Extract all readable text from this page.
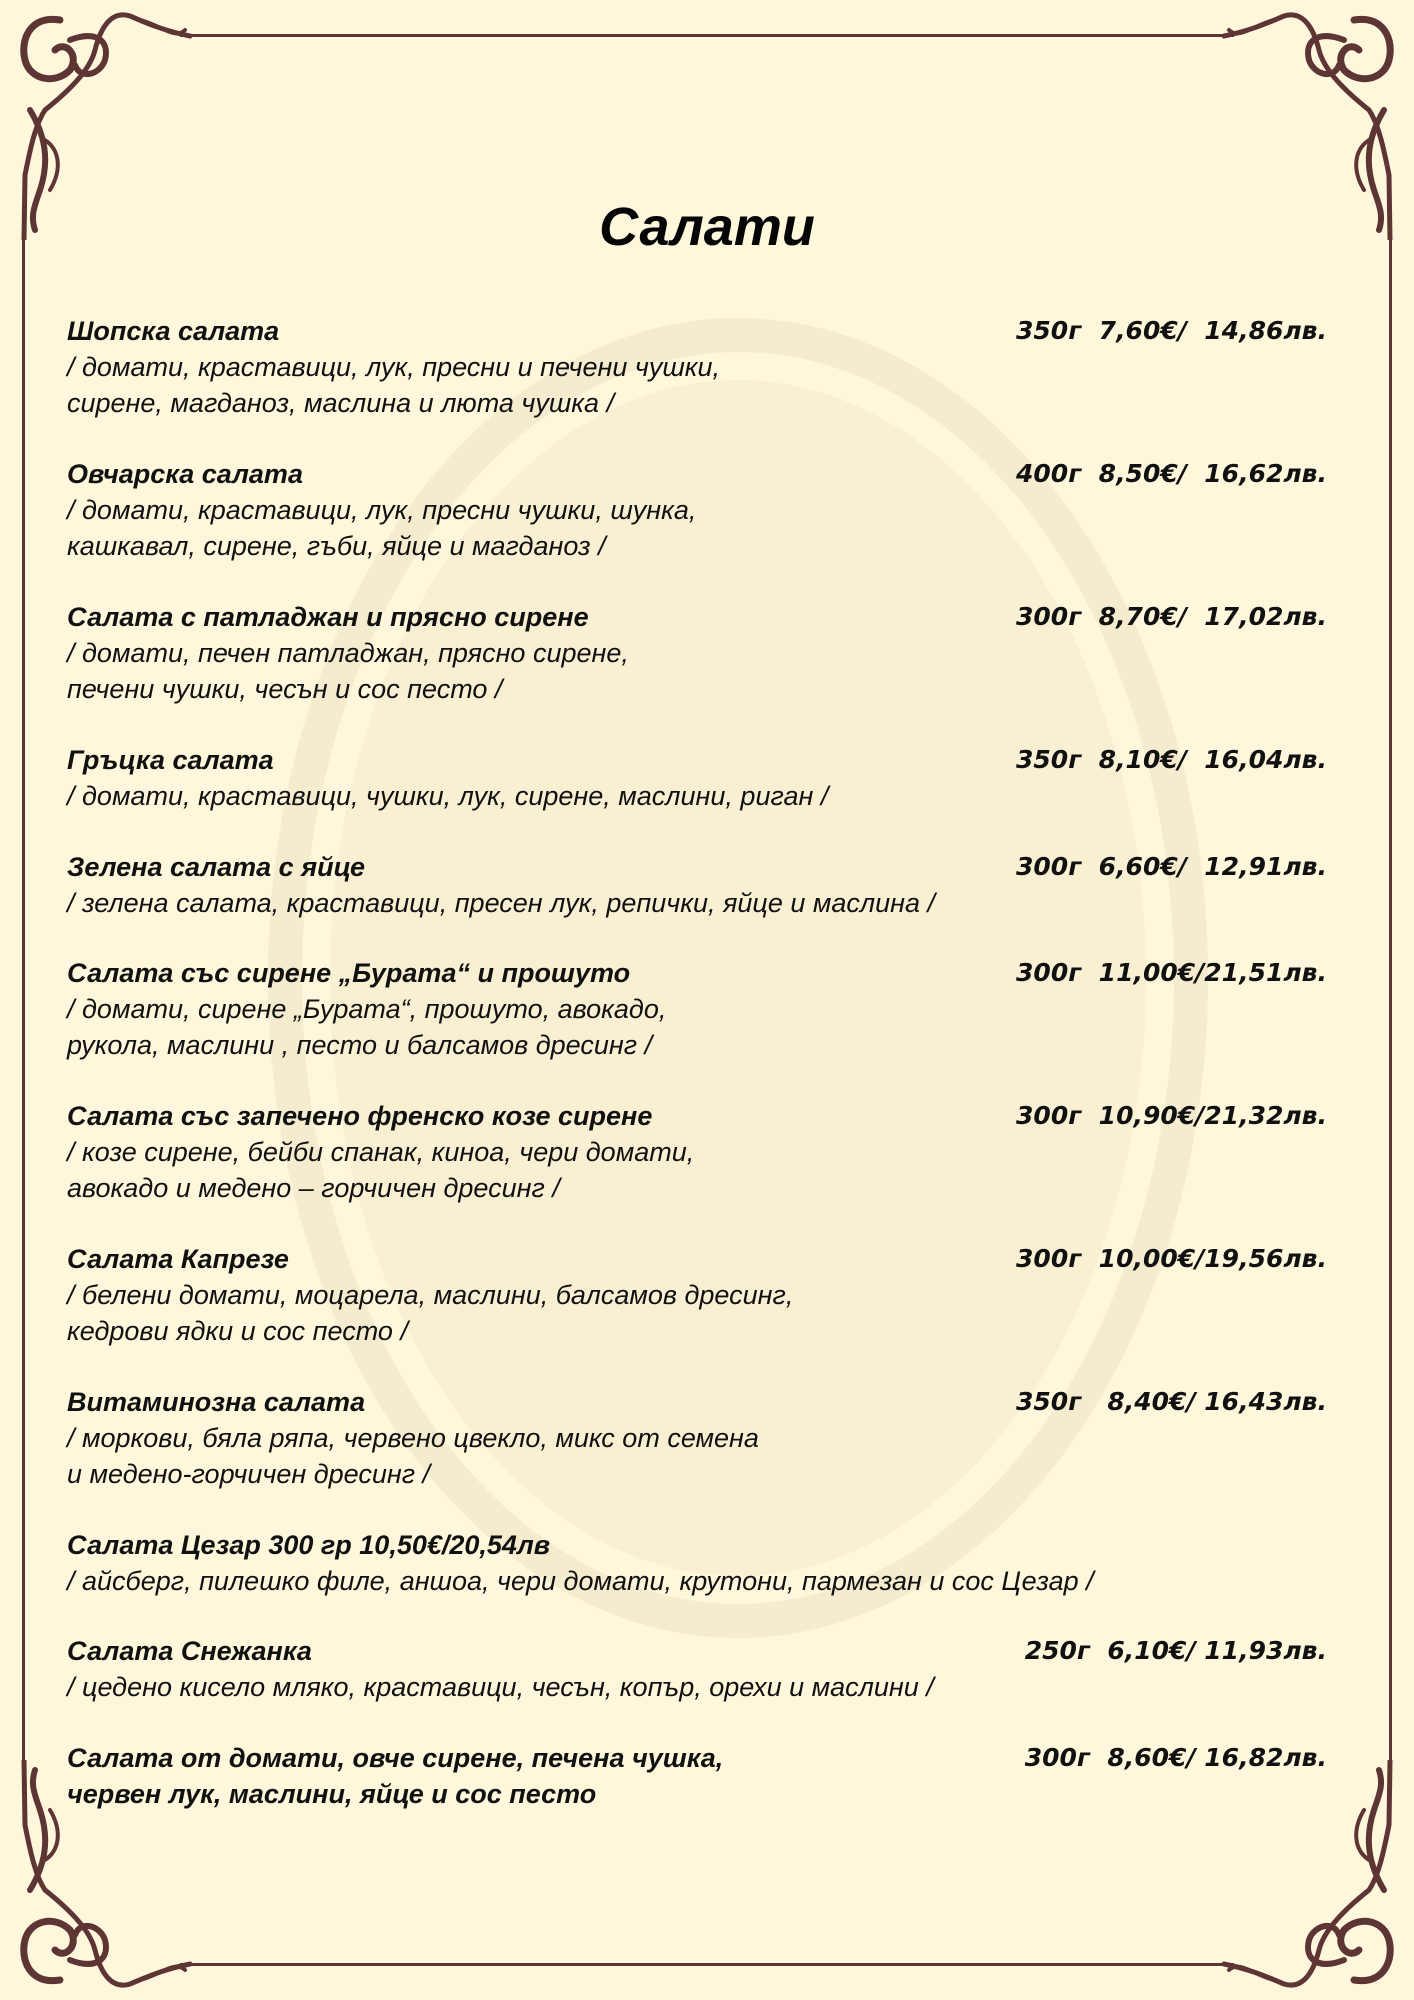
Салати
Шопска салата	350г  7,60€/  14,86лв.
/ домати, краставици, лук, пресни и печени чушки,
сирене, магданоз, маслина и люта чушка /
Овчарска салата	400г  8,50€/  16,62лв.
/ домати, краставици, лук, пресни чушки, шунка,
кашкавал, сирене, гъби, яйце и магданоз /
Салата с патладжан и прясно сирене	300г  8,70€/  17,02лв.
/ домати, печен патладжан, прясно сирене,
печени чушки, чесън и сос песто /
Гръцка салата	350г  8,10€/  16,04лв.
/ домати, краставици, чушки, лук, сирене, маслини, риган /
Зелена салата с яйце	300г  6,60€/  12,91лв.
/ зелена салата, краставици, пресен лук, репички, яйце и маслина /
Салата със сирене „Бурата“ и прошуто	300г  11,00€/21,51лв.
/ домати, сирене „Бурата“, прошуто, авокадо,
рукола, маслини , песто и балсамов дресинг /
Салата със запечено френско козе сирене	300г  10,90€/21,32лв.
/ козе сирене, бейби спанак, киноа, чери домати,
авокадо и медено – горчичен дресинг /
Салата Капрезе	300г  10,00€/19,56лв.
/ белени домати, моцарела, маслини, балсамов дресинг,
кедрови ядки и сос песто /
Витаминозна салата	350г   8,40€/ 16,43лв.
/ моркови, бяла ряпа, червено цвекло, микс от семена
и медено-горчичен дресинг /
Салата Цезар 300 гр 10,50€/20,54лв
/ айсберг, пилешко филе, аншоа, чери домати, крутони, пармезан и сос Цезар /
Салата Снежанка	250г  6,10€/ 11,93лв.
/ цедено кисело мляко, краставици, чесън, копър, орехи и маслини /
Салата от домати, овче сирене, печена чушка,	300г  8,60€/ 16,82лв.
червен лук, маслини, яйце и сос песто
